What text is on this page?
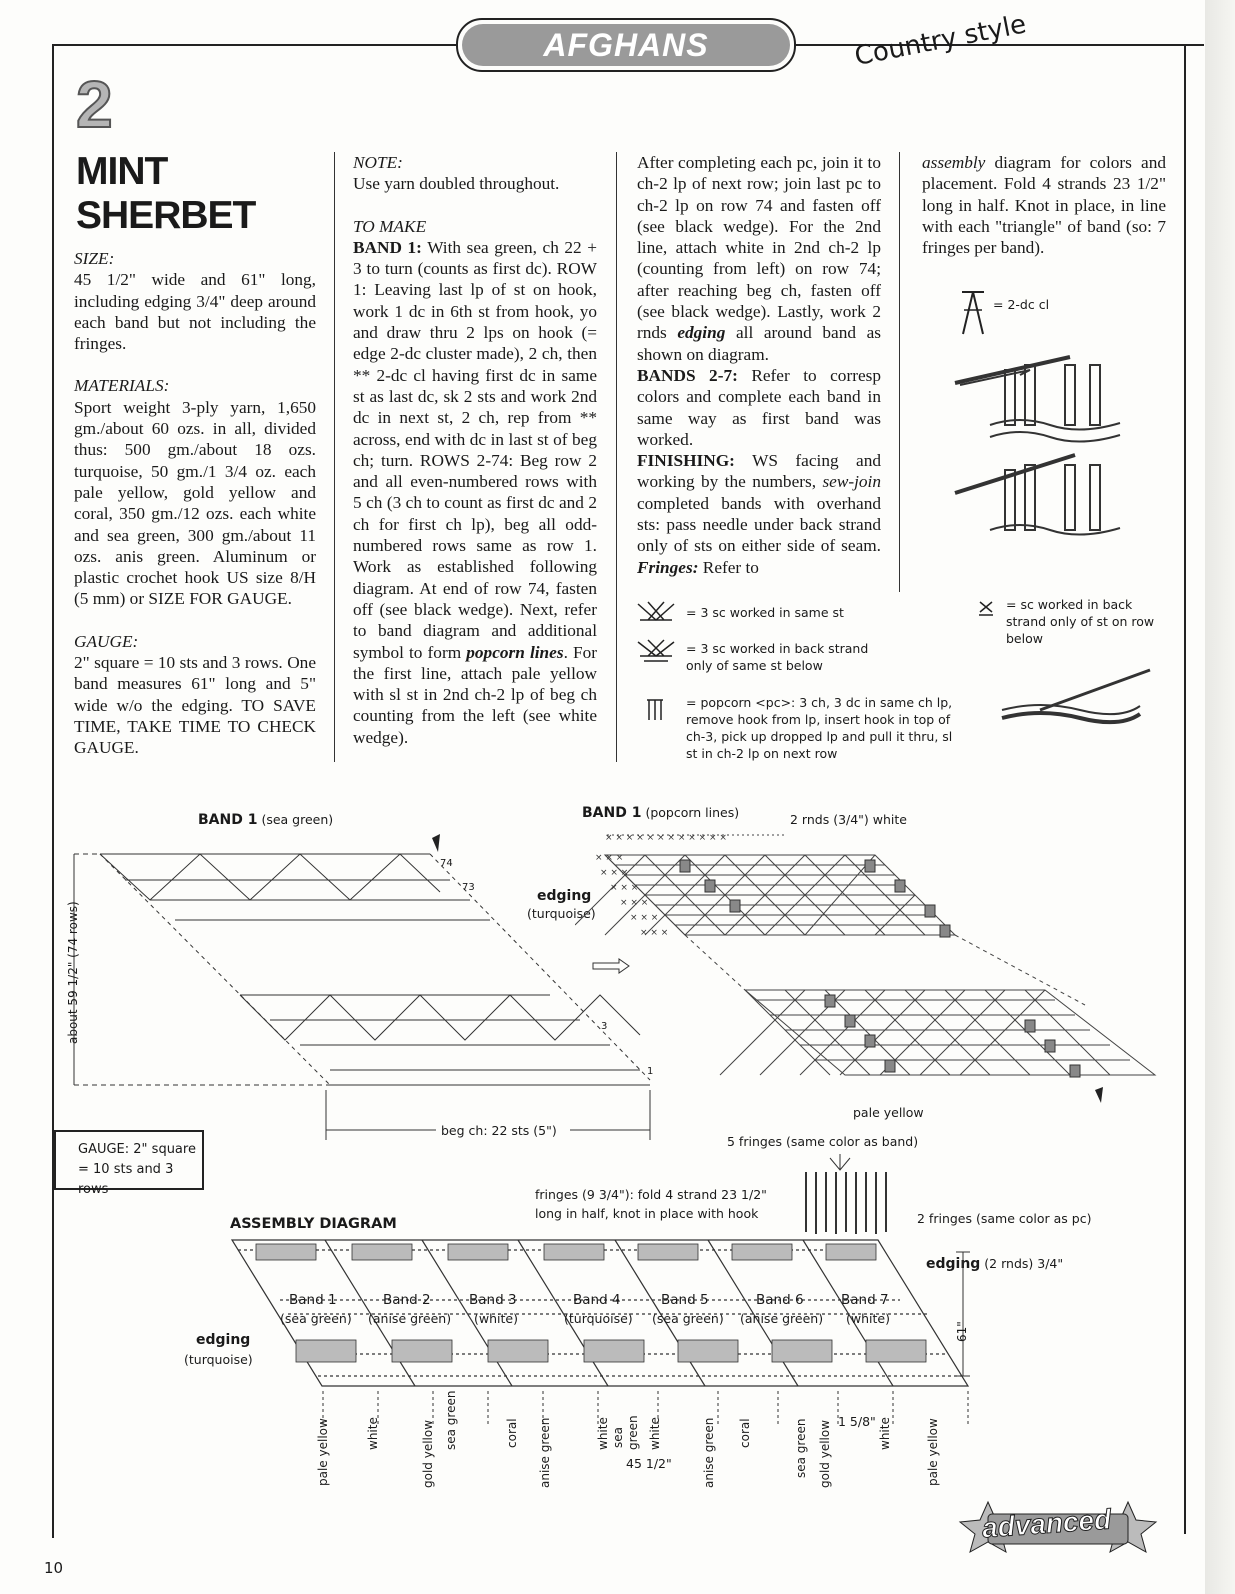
AFGHANS	Country style
2
MINT
SHERBET

SIZE:

45 1/2" wide and 61" long, including edging 3/4" deep around each band but not including the fringes.

MATERIALS:

Sport weight 3-ply yarn, 1,650 gm./about 60 ozs. in all, divided thus: 500 gm./about 18 ozs. turquoise, 50 gm./1 3/4 oz. each pale yellow, gold yellow and coral, 350 gm./12 ozs. each white and sea green, 300 gm./about 11 ozs. anis green. Aluminum or plastic crochet hook US size 8/H (5 mm) or SIZE FOR GAUGE.

GAUGE:

2" square = 10 sts and 3 rows. One band measures 61" long and 5" wide w/o the edging. TO SAVE TIME, TAKE TIME TO CHECK GAUGE.

NOTE:

Use yarn doubled throughout.

TO MAKE

BAND 1: With sea green, ch 22 + 3 to turn (counts as first dc). ROW 1: Leaving last lp of st on hook, work 1 dc in 6th st from hook, yo and draw thru 2 lps on hook (= edge 2-dc cluster made), 2 ch, then ** 2-dc cl having first dc in same st as last dc, sk 2 sts and work 2nd dc in next st, 2 ch, rep from ** across, end with dc in last st of beg ch; turn. ROWS 2-74: Beg row 2 and all even-numbered rows with 5 ch (3 ch to count as first dc and 2 ch for first ch lp), beg all odd-numbered rows same as row 1. Work as established following diagram. At end of row 74, fasten off (see black wedge). Next, refer to band diagram and additional symbol to form popcorn lines. For the first line, attach pale yellow with sl st in 2nd ch-2 lp of beg ch counting from the left (see white wedge).

After completing each pc, join it to ch-2 lp of next row; join last pc to ch-2 lp on row 74 and fasten off (see black wedge). For the 2nd line, attach white in 2nd ch-2 lp (counting from left) on row 74; after reaching beg ch, fasten off (see black wedge). Lastly, work 2 rnds edging all around band as shown on diagram.

BANDS 2-7: Refer to corresp colors and complete each band in same way as first band was worked.

FINISHING: WS facing and working by the numbers, sew-join completed bands with overhand sts: pass needle under back strand only of sts on either side of seam. Fringes: Refer to

assembly diagram for colors and placement. Fold 4 strands 23 1/2" long in half. Knot in place, in line with each "triangle" of band (so: 7 fringes per band).

= 2-dc cl
= 3 sc worked in same st
= 3 sc worked in back strand only of same st below
= popcorn <pc>: 3 ch, 3 dc in same ch lp, remove hook from lp, insert hook in top of ch-3, pick up dropped lp and pull it thru, sl st in ch-2 lp on next row
= sc worked in back strand only of st on row below
BAND 1 (sea green)
74
73
3
1
about 59 1/2" (74 rows)
beg ch: 22 sts (5")
GAUGE: 2" square
= 10 sts and 3 rows
BAND 1 (popcorn lines)	2 rnds (3/4") white
edging
(turquoise)
× × ×
× × ×
× × ×
× × ×
× × ×
× × ×
× × × × × × × × × × × ×
pale yellow
5 fringes (same color as band)
fringes (9 3/4"): fold 4 strand 23 1/2"
long in half, knot in place with hook
ASSEMBLY DIAGRAM	2 fringes (same color as pc)
edging (2 rnds) 3/4"
Band 1
(sea green)
Band 2
(anise green)
Band 3
(white)
Band 4
(turquoise)
Band 5
(sea green)
Band 6
(anise green)
Band 7
(white)
edging
(turquoise)
61"
45 1/2"
1 5/8"
pale yellow	white	gold yellow sea green	coral anise green	white sea green white	anise green coral	sea green gold yellow	white	pale yellow
10
advanced
